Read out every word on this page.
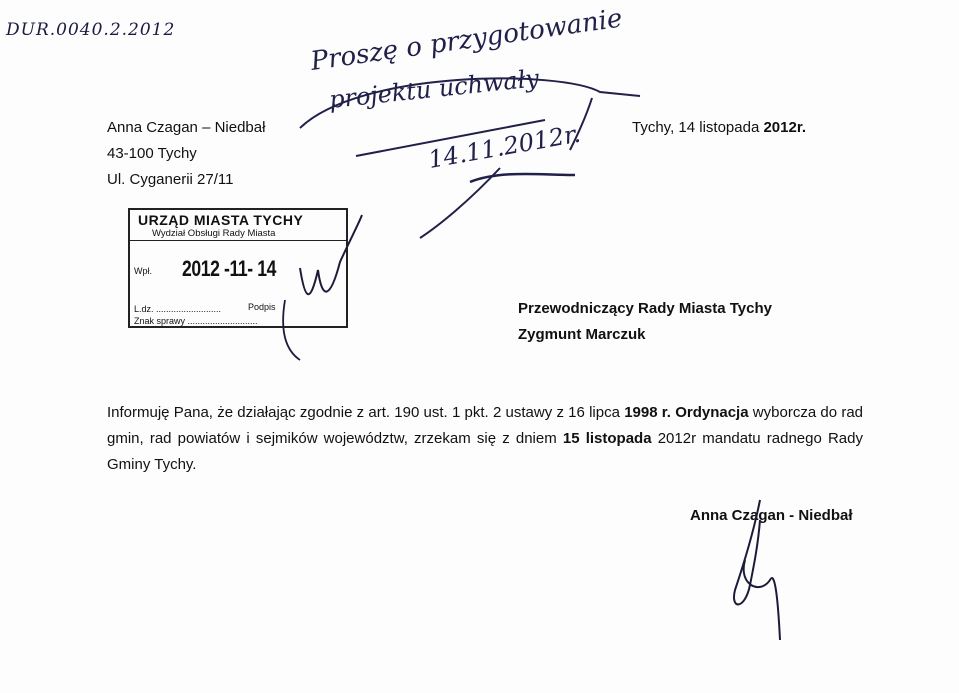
DUR.0040.2.2012
Anna Czagan – Niedbał
43-100 Tychy
Ul. Cyganerii 27/11
Tychy, 14 listopada 2012r.
URZĄD MIASTA TYCHY
Wydział Obsługi Rady Miasta
Wpł. 2012 -11- 14
L.dz. ..........................	Podpis
Znak sprawy ............................
Przewodniczący Rady Miasta Tychy
Zygmunt Marczuk
Informuję Pana, że działając zgodnie z art. 190 ust. 1 pkt. 2 ustawy z 16 lipca 1998 r. Ordynacja wyborcza do rad gmin, rad powiatów i sejmików województw, zrzekam się z dniem 15 listopada 2012r mandatu radnego Rady Gminy Tychy.
Anna Czagan - Niedbał
Proszę o przygotowanie
projektu uchwały
14.11.2012r.
